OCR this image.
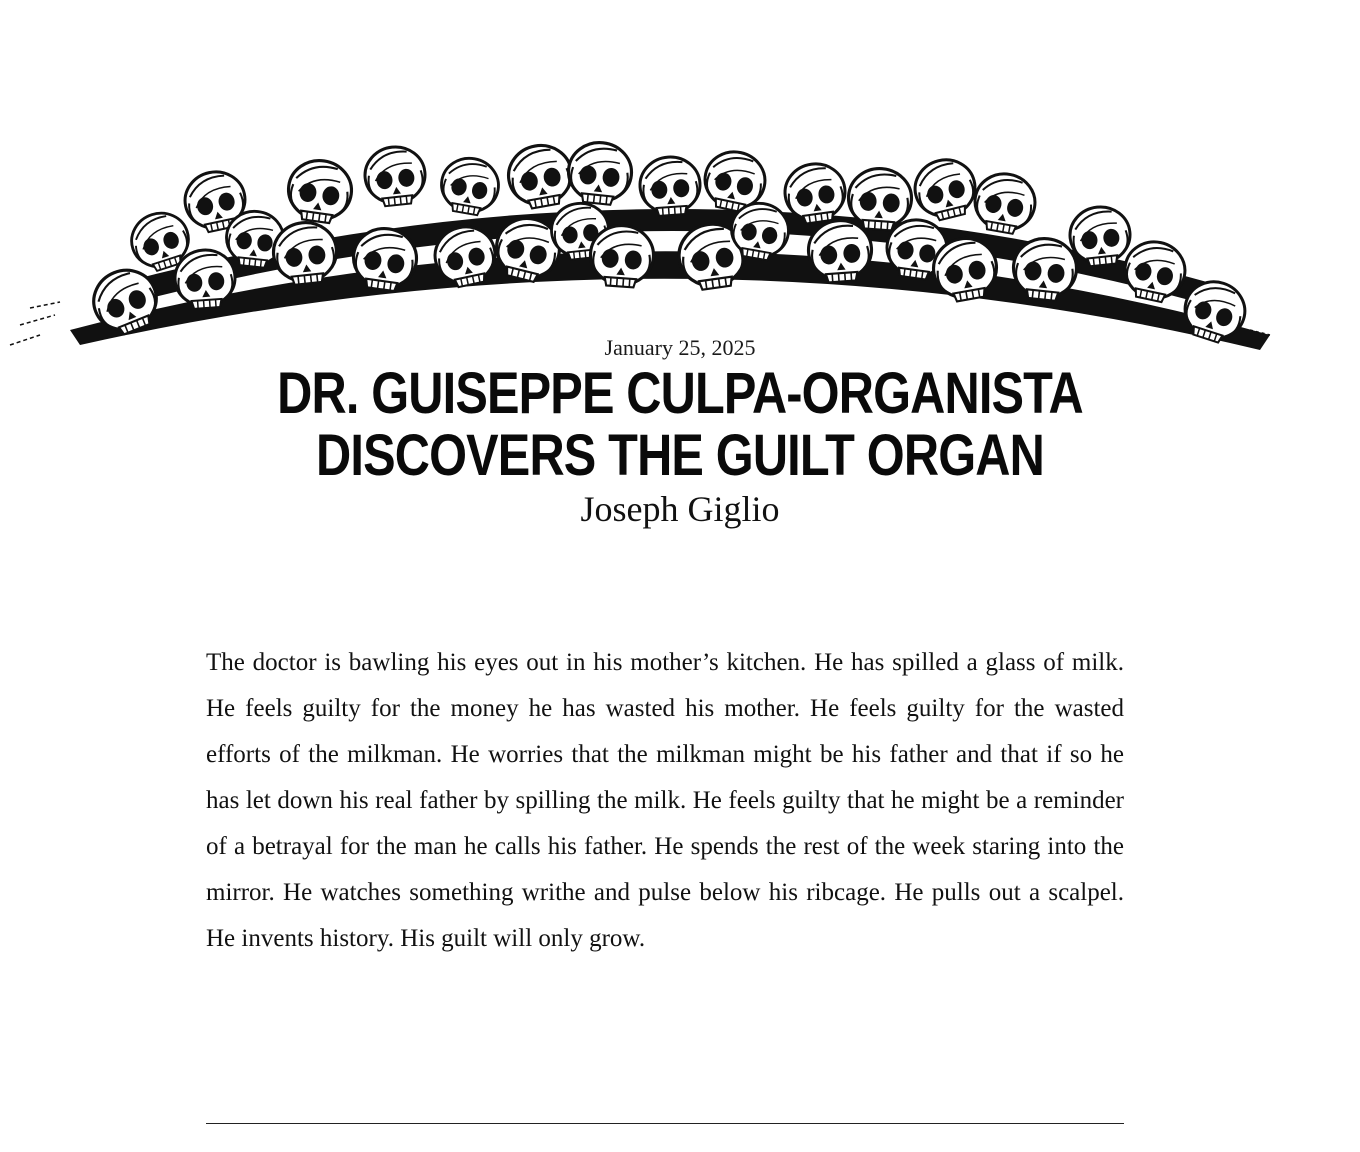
January 25, 2025
DR. GUISEPPE CULPA-ORGANISTA
DISCOVERS THE GUILT ORGAN
Joseph Giglio

The doctor is bawling his eyes out in his mother’s kitchen. He has spilled a glass of milk. He feels guilty for the money he has wasted his mother. He feels guilty for the wasted efforts of the milkman. He worries that the milkman might be his father and that if so he has let down his real father by spilling the milk. He feels guilty that he might be a reminder of a betrayal for the man he calls his father. He spends the rest of the week staring into the mirror. He watches something writhe and pulse below his ribcage. He pulls out a scalpel. He invents history. His guilt will only grow.
